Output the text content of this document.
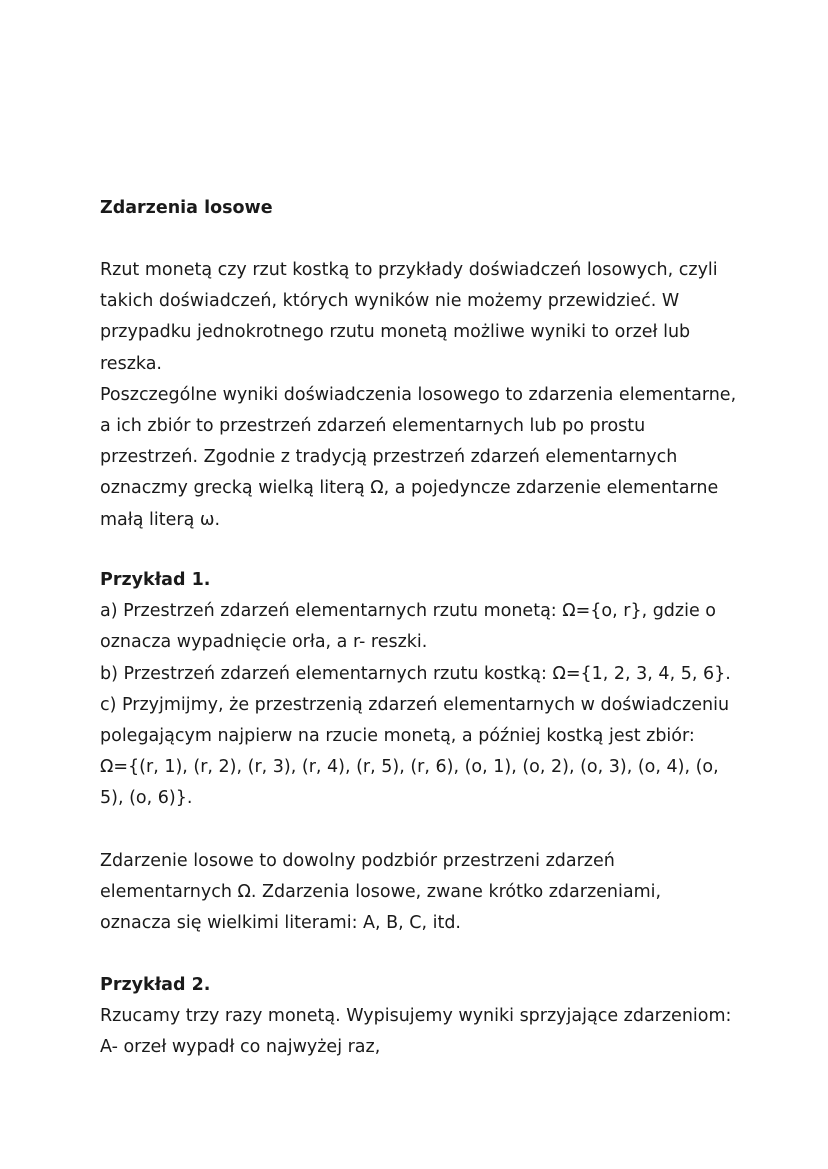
Zdarzenia losowe
Rzut monetą czy rzut kostką to przykłady doświadczeń losowych, czyli
takich doświadczeń, których wyników nie możemy przewidzieć. W
przypadku jednokrotnego rzutu monetą możliwe wyniki to orzeł lub
reszka.
Poszczególne wyniki doświadczenia losowego to zdarzenia elementarne,
a ich zbiór to przestrzeń zdarzeń elementarnych lub po prostu
przestrzeń. Zgodnie z tradycją przestrzeń zdarzeń elementarnych
oznaczmy grecką wielką literą Ω, a pojedyncze zdarzenie elementarne
małą literą ω.
Przykład 1.
a) Przestrzeń zdarzeń elementarnych rzutu monetą: Ω={o, r}, gdzie o
oznacza wypadnięcie orła, a r- reszki.
b) Przestrzeń zdarzeń elementarnych rzutu kostką: Ω={1, 2, 3, 4, 5, 6}.
c) Przyjmijmy, że przestrzenią zdarzeń elementarnych w doświadczeniu
polegającym najpierw na rzucie monetą, a później kostką jest zbiór:
Ω={(r, 1), (r, 2), (r, 3), (r, 4), (r, 5), (r, 6), (o, 1), (o, 2), (o, 3), (o, 4), (o,
5), (o, 6)}.
Zdarzenie losowe to dowolny podzbiór przestrzeni zdarzeń
elementarnych Ω. Zdarzenia losowe, zwane krótko zdarzeniami,
oznacza się wielkimi literami: A, B, C, itd.
Przykład 2.
Rzucamy trzy razy monetą. Wypisujemy wyniki sprzyjające zdarzeniom:
A- orzeł wypadł co najwyżej raz,
